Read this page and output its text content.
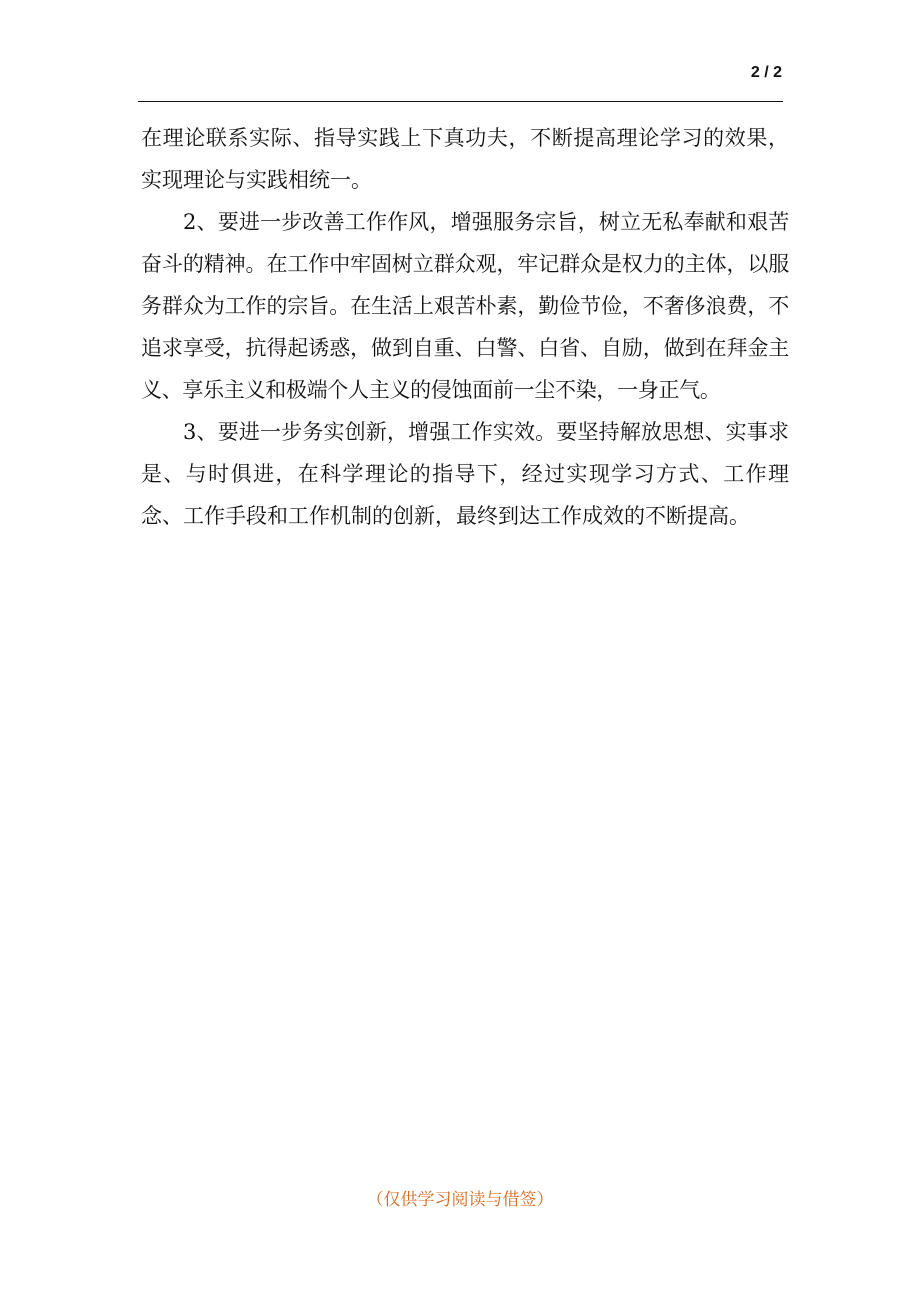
2 / 2

在理论联系实际、指导实践上下真功夫，不断提高理论学习的效果，实现理论与实践相统一。

2、要进一步改善工作作风，增强服务宗旨，树立无私奉献和艰苦奋斗的精神。在工作中牢固树立群众观，牢记群众是权力的主体，以服务群众为工作的宗旨。在生活上艰苦朴素，勤俭节俭，不奢侈浪费，不追求享受，抗得起诱惑，做到自重、白警、白省、自励，做到在拜金主义、享乐主义和极端个人主义的侵蚀面前一尘不染，一身正气。

3、要进一步务实创新，增强工作实效。要坚持解放思想、实事求是、与时俱进，在科学理论的指导下，经过实现学习方式、工作理念、工作手段和工作机制的创新，最终到达工作成效的不断提高。

（仅供学习阅读与借签）
